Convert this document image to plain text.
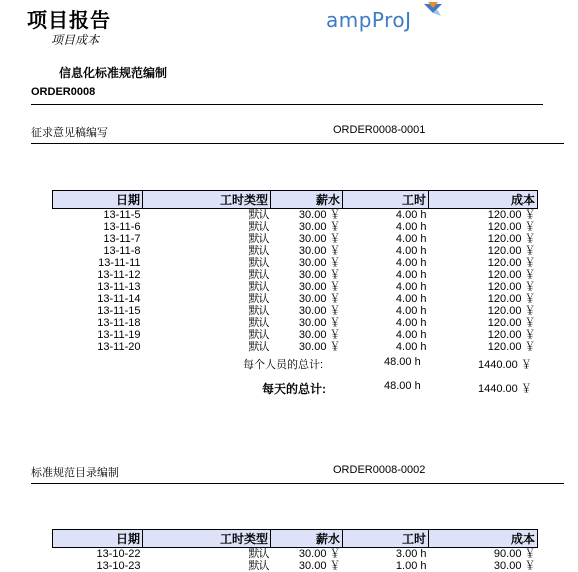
项目报告
项目成本
ampProJ
信息化标准规范编制
ORDER0008
征求意见稿编写	ORDER0008-0001
日期	工时类型	薪水	工时	成本
13-11-5	默认	30.00 ￥	4.00 h	120.00 ￥
13-11-6	默认	30.00 ￥	4.00 h	120.00 ￥
13-11-7	默认	30.00 ￥	4.00 h	120.00 ￥
13-11-8	默认	30.00 ￥	4.00 h	120.00 ￥
13-11-11	默认	30.00 ￥	4.00 h	120.00 ￥
13-11-12	默认	30.00 ￥	4.00 h	120.00 ￥
13-11-13	默认	30.00 ￥	4.00 h	120.00 ￥
13-11-14	默认	30.00 ￥	4.00 h	120.00 ￥
13-11-15	默认	30.00 ￥	4.00 h	120.00 ￥
13-11-18	默认	30.00 ￥	4.00 h	120.00 ￥
13-11-19	默认	30.00 ￥	4.00 h	120.00 ￥
13-11-20	默认	30.00 ￥	4.00 h	120.00 ￥
每个人员的总计:	48.00 h	1440.00 ￥
每天的总计:	48.00 h	1440.00 ￥
标准规范目录编制	ORDER0008-0002
日期	工时类型	薪水	工时	成本
13-10-22	默认	30.00 ￥	3.00 h	90.00 ￥
13-10-23	默认	30.00 ￥	1.00 h	30.00 ￥
